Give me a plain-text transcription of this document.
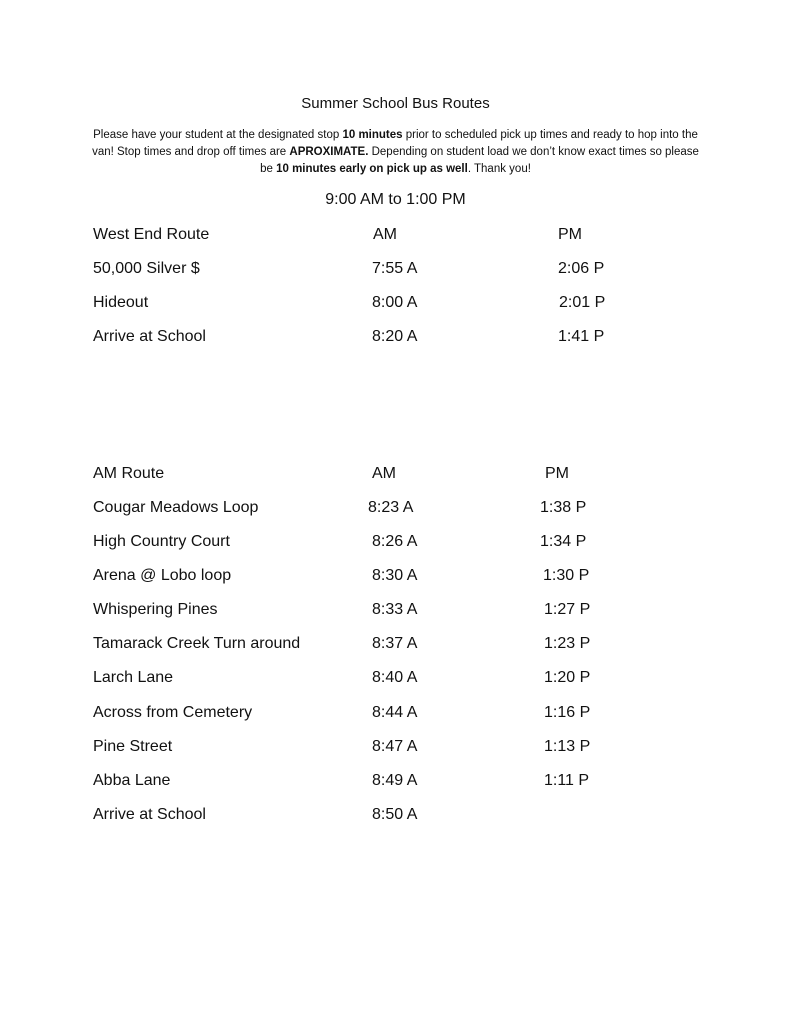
Summer School Bus Routes
Please have your student at the designated stop 10 minutes prior to scheduled pick up times and ready to hop into the van! Stop times and drop off times are APROXIMATE. Depending on student load we don’t know exact times so please be 10 minutes early on pick up as well. Thank you!
9:00 AM to 1:00 PM
West End Route	AM	PM
50,000 Silver $	7:55 A	2:06 P
Hideout	8:00 A	2:01 P
Arrive at School	8:20 A	1:41 P
AM Route	AM	PM
Cougar Meadows Loop	8:23 A	1:38 P
High Country Court	8:26 A	1:34 P
Arena @ Lobo loop	8:30 A	1:30 P
Whispering Pines	8:33 A	1:27 P
Tamarack Creek Turn around	8:37 A	1:23 P
Larch Lane	8:40 A	1:20 P
Across from Cemetery	8:44 A	1:16 P
Pine Street	8:47 A	1:13 P
Abba Lane	8:49 A	1:11 P
Arrive at School	8:50 A
